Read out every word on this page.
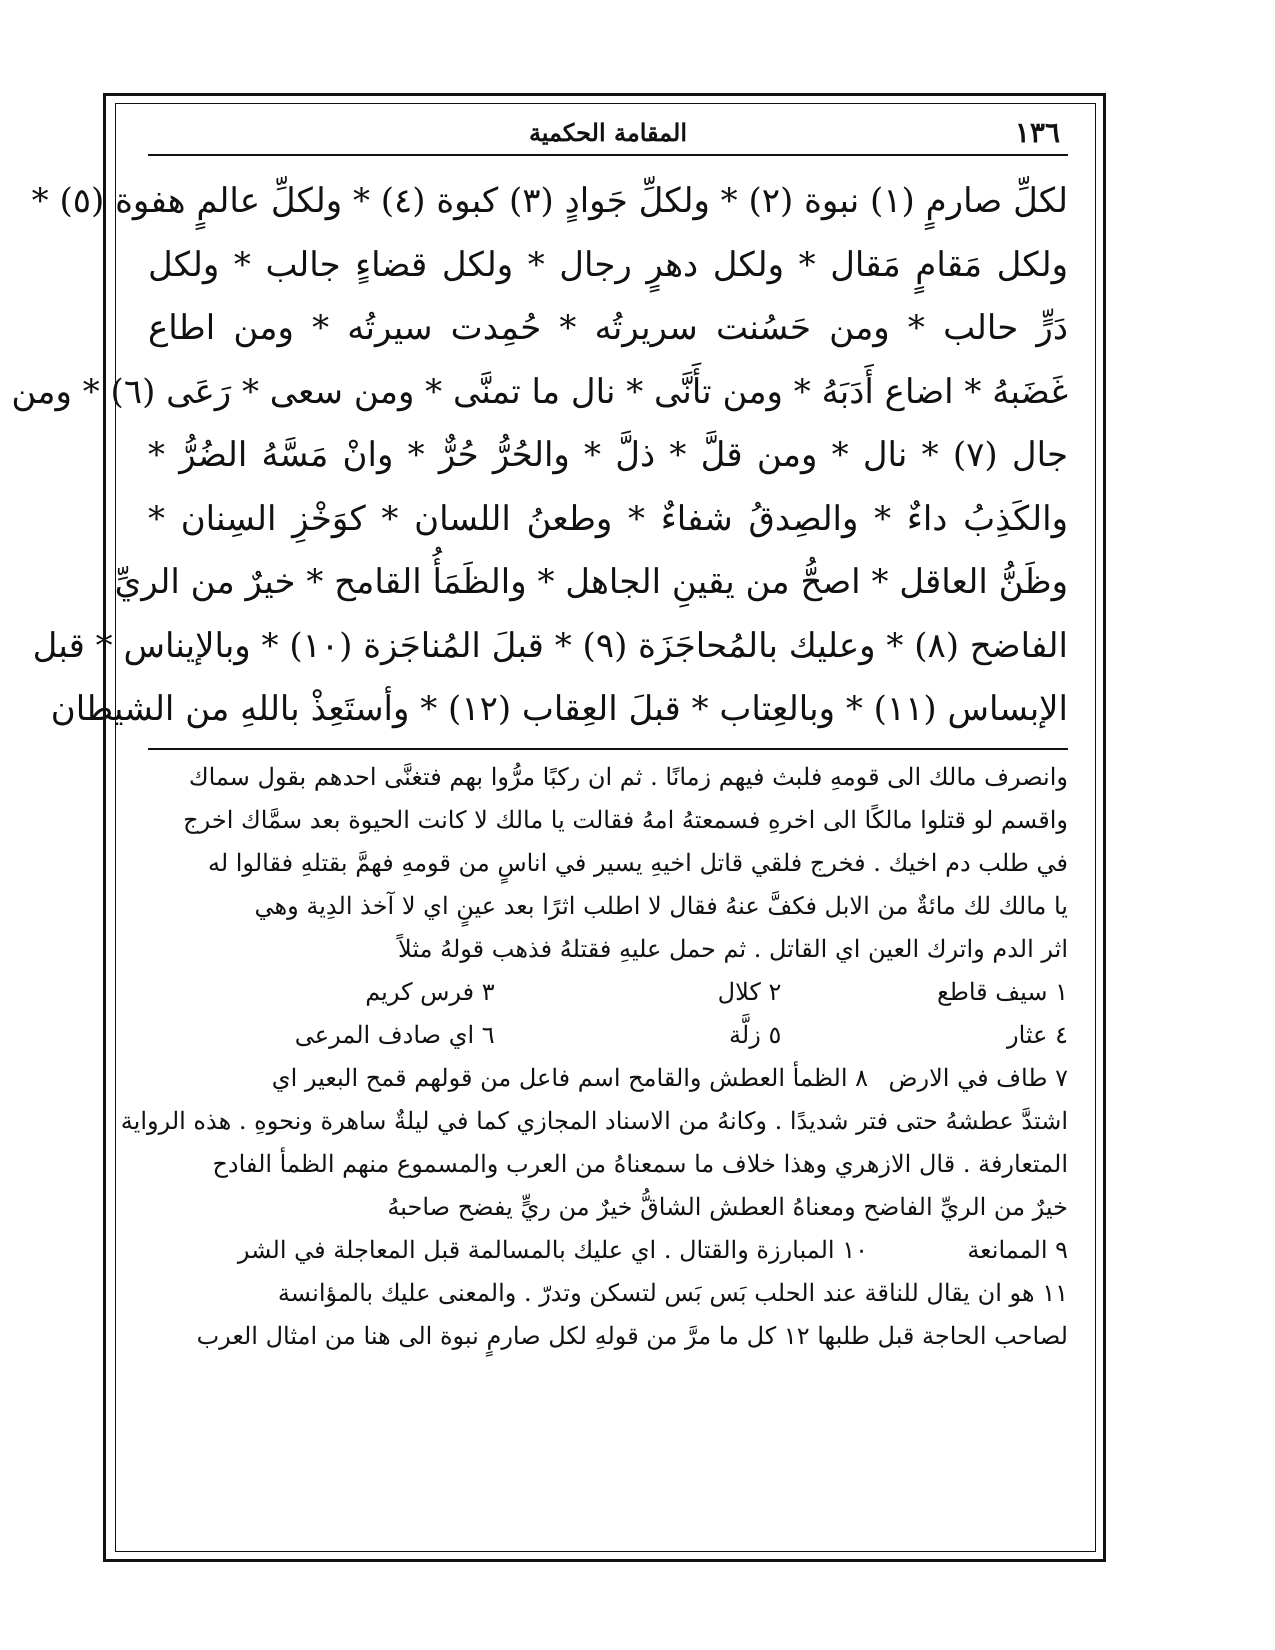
١٣٦
المقامة الحكمية
لكلِّ صارمٍ (١) نبوة (٢) * ولكلِّ جَوادٍ (٣) كبوة (٤) * ولكلِّ عالمٍ هفوة (٥) *
ولكل مَقامٍ مَقال * ولكل دهرٍ رجال * ولكل قضاءٍ جالب * ولكل
دَرٍّ حالب * ومن حَسُنت سريرتُه * حُمِدت سيرتُه * ومن اطاع
غَضَبهُ * اضاع أَدَبَهُ * ومن تأَنَّى * نال ما تمنَّى * ومن سعى * رَعَى (٦) * ومن
جال (٧) * نال * ومن قلَّ * ذلَّ * والحُرُّ حُرٌّ * وانْ مَسَّهُ الضُرُّ *
والكَذِبُ داءٌ * والصِدقُ شفاءٌ * وطعنُ اللسان * كوَخْزِ السِنان *
وظَنُّ العاقل * اصحُّ من يقينِ الجاهل * والظَمَأُ القامح * خيرٌ من الريِّ
الفاضح (٨) * وعليك بالمُحاجَزَة (٩) * قبلَ المُناجَزة (١٠) * وبالإيناس * قبل
الإبساس (١١) * وبالعِتاب * قبلَ العِقاب (١٢) * وأستَعِذْ باللهِ من الشيطان
وانصرف مالك الى قومهِ فلبث فيهم زمانًا . ثم ان ركبًا مرُّوا بهم فتغنَّى احدهم بقول سماك
واقسم لو قتلوا مالكًا الى اخرهِ فسمعتهُ امهُ فقالت يا مالك لا كانت الحيوة بعد سمَّاك اخرج
في طلب دم اخيك . فخرج فلقي قاتل اخيهِ يسير في اناسٍ من قومهِ فهمَّ بقتلهِ فقالوا له
يا مالك لك مائةٌ من الابل فكفَّ عنهُ فقال لا اطلب اثرًا بعد عينٍ اي لا آخذ الدِية وهي
اثر الدم واترك العين اي القاتل . ثم حمل عليهِ فقتلهُ فذهب قولهُ مثلاً
١ سيف قاطع
٢ كلال
٣ فرس كريم
٤ عثار
٥ زلَّة
٦ اي صادف المرعى
٧ طاف في الارض
٨ الظمأ العطش والقامح اسم فاعل من قولهم قمح البعير اي
اشتدَّ عطشهُ حتى فتر شديدًا . وكانهُ من الاسناد المجازي كما في ليلةٌ ساهرة ونحوهِ . هذه الرواية
المتعارفة . قال الازهري وهذا خلاف ما سمعناهُ من العرب والمسموع منهم الظمأ الفادح
خيرٌ من الريِّ الفاضح ومعناهُ العطش الشاقُّ خيرٌ من ريٍّ يفضح صاحبهُ
٩ الممانعة
١٠ المبارزة والقتال . اي عليك بالمسالمة قبل المعاجلة في الشر
١١ هو ان يقال للناقة عند الحلب بَس بَس لتسكن وتدرّ . والمعنى عليك بالمؤانسة
لصاحب الحاجة قبل طلبها ١٢ كل ما مرَّ من قولهِ لكل صارمٍ نبوة الى هنا من امثال العرب
